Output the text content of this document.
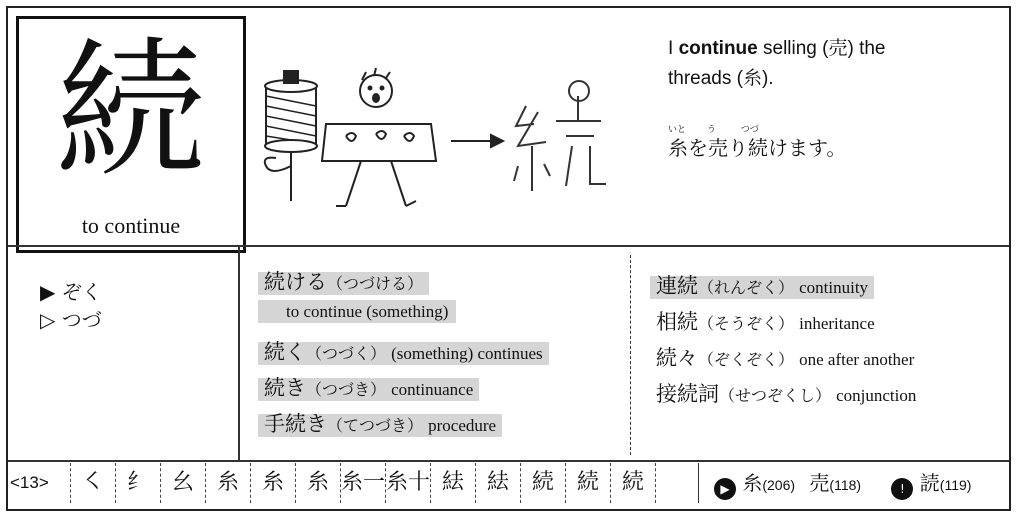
続
to continue
I continue selling (売) the
threads (糸).
いと う	つづ
糸を売り続けます。
▶ ぞく
▷ つづ
続ける（つづける）
to continue (something)
続く（つづく） (something) continues
続き（つづき） continuance
手続き（てつづき） procedure
連続（れんぞく） continuity
相続（そうぞく） inheritance
続々（ぞくぞく） one after another
接続詞（せつぞくし） conjunction
<13>	㇛	纟	幺	糸	糸	糸 糸一 糸十 紶	紶	続	続	続	▶ 糸(206) 売(118)	! 読(119)
